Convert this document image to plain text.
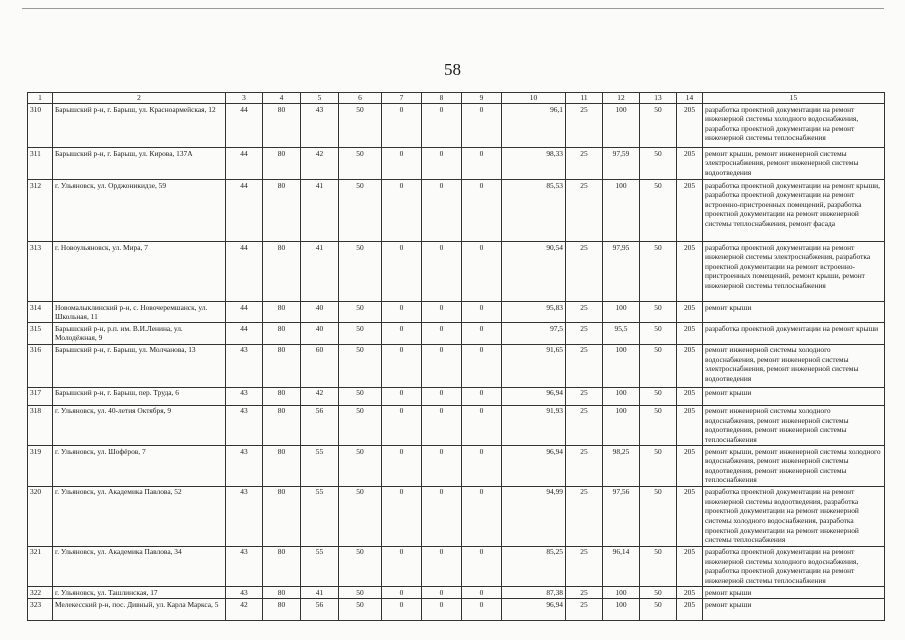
58
1	2	3	4	5	6	7	8	9	10	11	12	13	14	15
310	Барышский р-н, г. Барыш, ул. Красноармейская, 12	44	80	43	50	0	0	0	96,1	25	100	50	205	разработка проектной документации на ремонт инженерной системы холодного водоснабжения, разработка проектной документации на ремонт инженерной системы теплоснабжения
311	Барышский р-н, г. Барыш, ул. Кирова, 137А	44	80	42	50	0	0	0	98,33	25	97,59	50	205	ремонт крыши, ремонт инженерной системы электроснабжения, ремонт инженерной системы водоотведения
312	г. Ульяновск, ул. Орджоникидзе, 59	44	80	41	50	0	0	0	85,53	25	100	50	205	разработка проектной документации на ремонт крыши, разработка проектной документации на ремонт встроенно-пристроенных помещений, разработка проектной документации на ремонт инженерной системы теплоснабжения, ремонт фасада
313	г. Новоульяновск, ул. Мира, 7	44	80	41	50	0	0	0	90,54	25	97,95	50	205	разработка проектной документации на ремонт инженерной системы электроснабжения, разработка проектной документации на ремонт встроенно-пристроенных помещений, ремонт крыши, ремонт инженерной системы теплоснабжения
314	Новомалыклинский р-н, с. Новочеремшанск, ул. Школьная, 11	44	80	40	50	0	0	0	95,83	25	100	50	205	ремонт крыши
315	Барышский р-н, р.п. им. В.И.Ленина, ул. Молодёжная, 9	44	80	40	50	0	0	0	97,5	25	95,5	50	205	разработка проектной документации на ремонт крыши
316	Барышский р-н, г. Барыш, ул. Молчанова, 13	43	80	60	50	0	0	0	91,65	25	100	50	205	ремонт инженерной системы холодного водоснабжения, ремонт инженерной системы электроснабжения, ремонт инженерной системы водоотведения
317	Барышский р-н, г. Барыш, пер. Труда, 6	43	80	42	50	0	0	0	96,94	25	100	50	205	ремонт крыши
318	г. Ульяновск, ул. 40-летия Октября, 9	43	80	56	50	0	0	0	91,93	25	100	50	205	ремонт инженерной системы холодного водоснабжения, ремонт инженерной системы водоотведения, ремонт инженерной системы теплоснабжения
319	г. Ульяновск, ул. Шофёров, 7	43	80	55	50	0	0	0	96,94	25	98,25	50	205	ремонт крыши, ремонт инженерной системы холодного водоснабжения, ремонт инженерной системы водоотведения, ремонт инженерной системы теплоснабжения
320	г. Ульяновск, ул. Академика Павлова, 52	43	80	55	50	0	0	0	94,99	25	97,56	50	205	разработка проектной документации на ремонт инженерной системы водоотведения, разработка проектной документации на ремонт инженерной системы холодного водоснабжения, разработка проектной документации на ремонт инженерной системы теплоснабжения
321	г. Ульяновск, ул. Академика Павлова, 34	43	80	55	50	0	0	0	85,25	25	96,14	50	205	разработка проектной документации на ремонт инженерной системы холодного водоснабжения, разработка проектной документации на ремонт инженерной системы теплоснабжения
322	г. Ульяновск, ул. Ташлинская, 17	43	80	41	50	0	0	0	87,38	25	100	50	205	ремонт крыши
323	Мелекесский р-н, пос. Дивный, ул. Карла Маркса, 5	42	80	56	50	0	0	0	96,94	25	100	50	205	ремонт крыши
